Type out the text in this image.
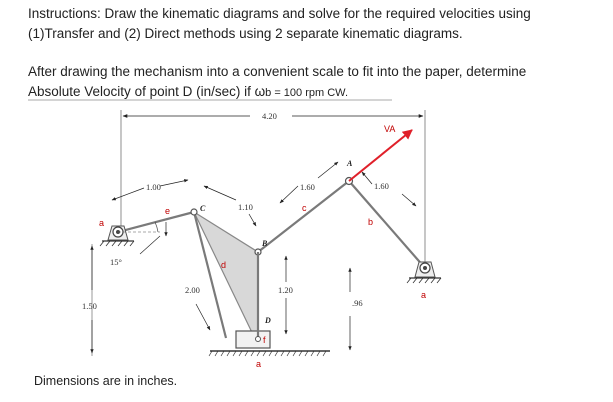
Instructions: Draw the kinematic diagrams and solve for the required velocities using
(1)Transfer and (2) Direct methods using 2 separate kinematic diagrams.
After drawing the mechanism into a convenient scale to fit into the paper, determine
Absolute Velocity of point D (in/sec) if ωb = 100 rpm CW.
4.20
1.00
1.10
1.60	1.60
2.00	1.20
1.50	.96
15°
C
B
A
D
a
e
d
c
b
a
f
a
VA
Dimensions are in inches.
